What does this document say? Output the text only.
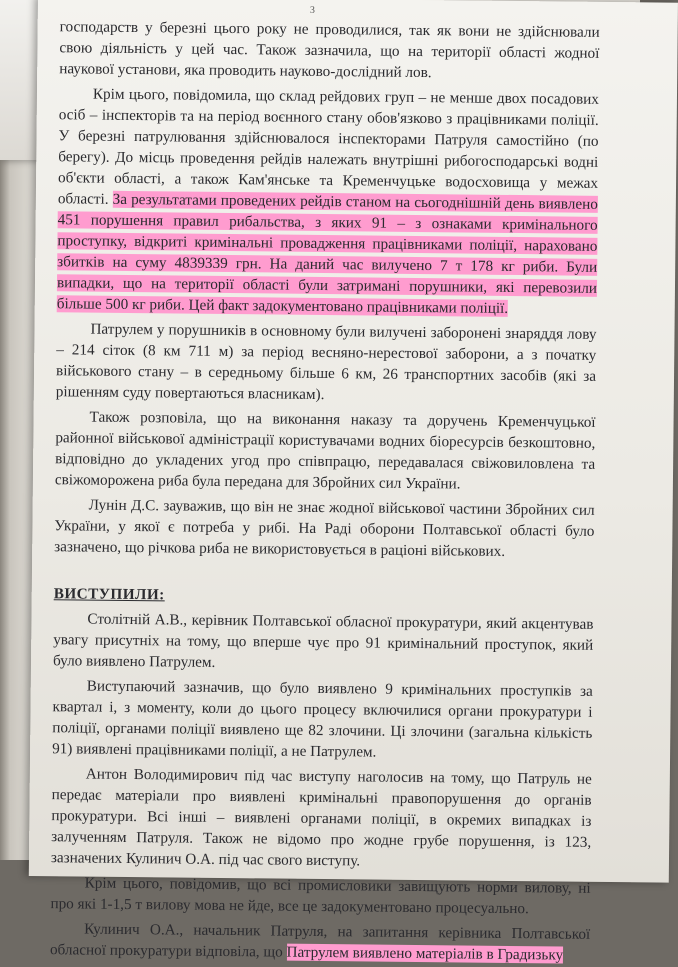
3

господарств у березні цього року не проводилися, так як вони не здійснювали свою діяльність у цей час. Також зазначила, що на території області жодної наукової установи, яка проводить науково-дослідний лов.

Крім цього, повідомила, що склад рейдових груп – не менше двох посадових осіб – інспекторів та на період воєнного стану обов'язково з працівниками поліції. У березні патрулювання здійснювалося інспекторами Патруля самостійно (по берегу). До місць проведення рейдів належать внутрішні рибогосподарські водні об'єкти області, а також Кам'янське та Кременчуцьке водосховища у межах області. За результатами проведених рейдів станом на сьогоднішній день виявлено 451 порушення правил рибальства, з яких 91 – з ознаками кримінального проступку, відкриті кримінальні провадження працівниками поліції, нараховано збитків на суму 4839339 грн. На даний час вилучено 7 т 178 кг риби. Були випадки, що на території області були затримані порушники, які перевозили більше 500 кг риби. Цей факт задокументовано працівниками поліції.

Патрулем у порушників в основному були вилучені заборонені знаряддя лову – 214 сіток (8 км 711 м) за період весняно-нерестової заборони, а з початку військового стану – в середньому більше 6 км, 26 транспортних засобів (які за рішенням суду повертаються власникам).

Також розповіла, що на виконання наказу та доручень Кременчуцької районної військової адміністрації користувачами водних біоресурсів безкоштовно, відповідно до укладених угод про співпрацю, передавалася свіжовиловлена та свіжоморожена риба була передана для Збройних сил України.

Лунін Д.С. зауважив, що він не знає жодної військової частини Збройних сил України, у якої є потреба у рибі. На Раді оборони Полтавської області було зазначено, що річкова риба не використовується в раціоні військових.

ВИСТУПИЛИ:

Столітній А.В., керівник Полтавської обласної прокуратури, який акцентував увагу присутніх на тому, що вперше чує про 91 кримінальний проступок, який було виявлено Патрулем.

Виступаючий зазначив, що було виявлено 9 кримінальних проступків за квартал і, з моменту, коли до цього процесу включилися органи прокуратури і поліції, органами поліції виявлено ще 82 злочини. Ці злочини (загальна кількість 91) виявлені працівниками поліції, а не Патрулем.

Антон Володимирович під час виступу наголосив на тому, що Патруль не передає матеріали про виявлені кримінальні правопорушення до органів прокуратури. Всі інші – виявлені органами поліції, в окремих випадках із залученням Патруля. Також не відомо про жодне грубе порушення, із 123, зазначених Кулинич О.А. під час свого виступу.

Крім цього, повідомив, що всі промисловики завищують норми вилову, ні про які 1-1,5 т вилову мова не йде, все це задокументовано процесуально.

Кулинич О.А., начальник Патруля, на запитання керівника Полтавської обласної прокуратури відповіла, що Патрулем виявлено матеріалів в Градизьку
